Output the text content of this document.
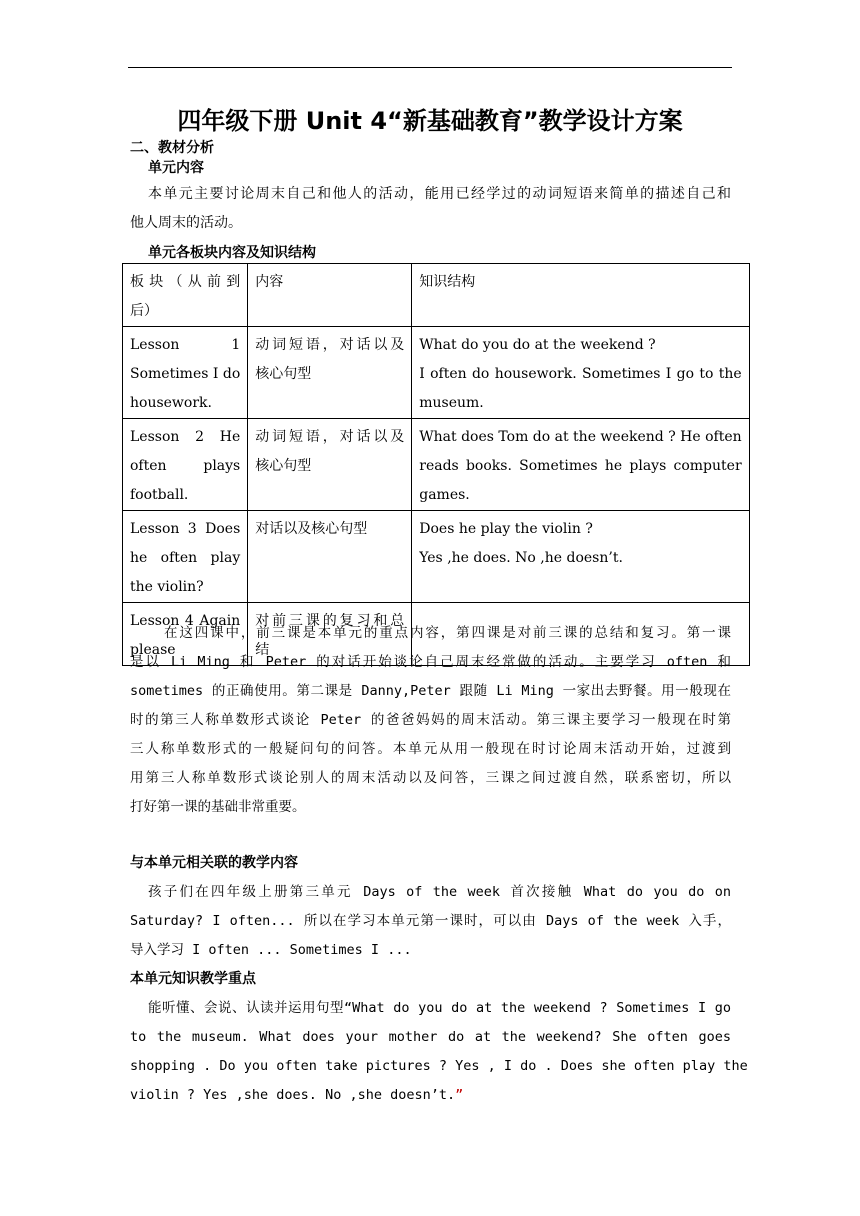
四年级下册 Unit 4“新基础教育”教学设计方案
二、教材分析
单元内容
本单元主要讨论周末自己和他人的活动，能用已经学过的动词短语来简单的描述自己和
他人周末的活动。
单元各板块内容及知识结构
板块（从前到
后）	内容	知识结构

Lesson 1
Sometimes I do
housework.	动词短语，对话以及
核心句型	What do you do at the weekend ?
I often do housework. Sometimes I go to the
museum.

Lesson 2 He
often plays
football.	动词短语，对话以及
核心句型	What does Tom do at the weekend ? He often
reads books. Sometimes he plays computer
games.

Lesson 3 Does
he often play
the violin?	对话以及核心句型	Does he play the violin ?
Yes ,he does. No ,he doesn’t.

Lesson 4 Again
please	对前三课的复习和总
结	

在这四课中，前三课是本单元的重点内容，第四课是对前三课的总结和复习。第一课
是以 Li Ming 和 Peter 的对话开始谈论自己周末经常做的活动。主要学习 often 和
sometimes 的正确使用。第二课是 Danny,Peter 跟随 Li Ming 一家出去野餐。用一般现在
时的第三人称单数形式谈论 Peter 的爸爸妈妈的周末活动。第三课主要学习一般现在时第
三人称单数形式的一般疑问句的问答。本单元从用一般现在时讨论周末活动开始，过渡到
用第三人称单数形式谈论别人的周末活动以及问答，三课之间过渡自然，联系密切，所以
打好第一课的基础非常重要。
与本单元相关联的教学内容
孩子们在四年级上册第三单元 Days of the week 首次接触 What do you do on
Saturday? I often... 所以在学习本单元第一课时，可以由 Days of the week 入手，
导入学习 I often ... Sometimes I ...
本单元知识教学重点
能听懂、会说、认读并运用句型“What do you do at the weekend ? Sometimes I go
to the museum. What does your mother do at the weekend? She often goes
shopping . Do you often take pictures ? Yes , I do . Does she often play the
violin ? Yes ,she does. No ,she doesn’t.”
